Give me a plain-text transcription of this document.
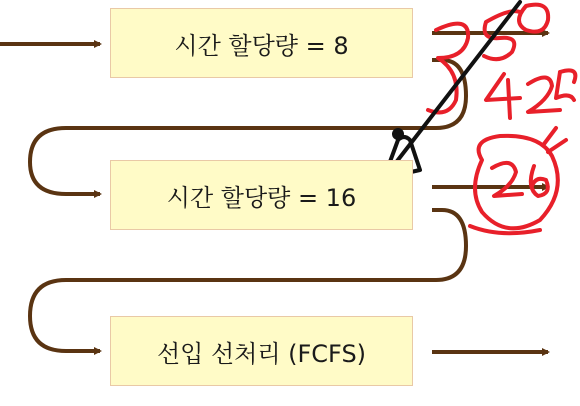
시간 할당량 = 8
시간 할당량 = 16
선입 선처리 (FCFS)
